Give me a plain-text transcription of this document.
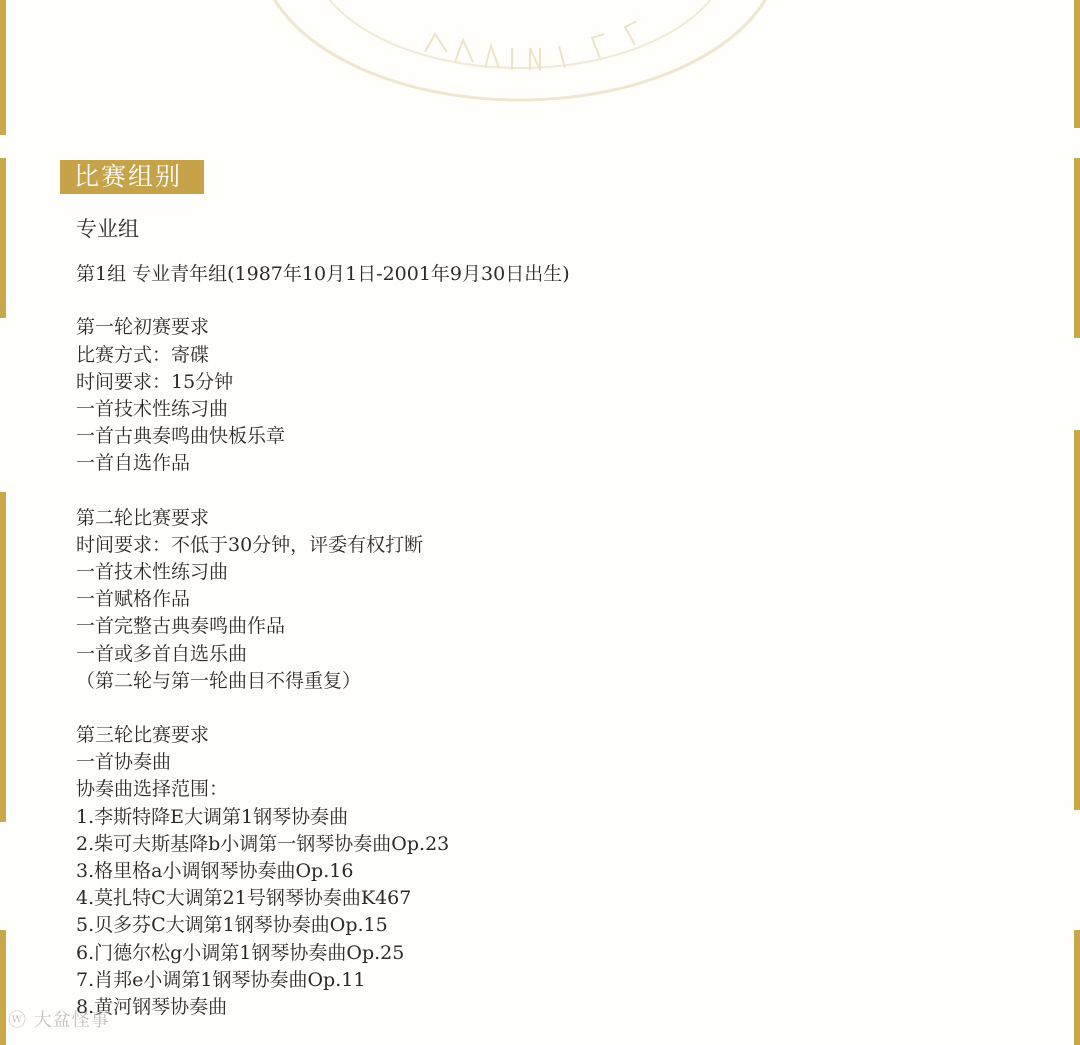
比赛组别
专业组
第1组 专业青年组(1987年10月1日-2001年9月30日出生)
第一轮初赛要求
比赛方式：寄碟
时间要求：15分钟
一首技术性练习曲
一首古典奏鸣曲快板乐章
一首自选作品
第二轮比赛要求
时间要求：不低于30分钟，评委有权打断
一首技术性练习曲
一首赋格作品
一首完整古典奏鸣曲作品
一首或多首自选乐曲
（第二轮与第一轮曲目不得重复）
第三轮比赛要求
一首协奏曲
协奏曲选择范围：
1.李斯特降E大调第1钢琴协奏曲
2.柴可夫斯基降b小调第一钢琴协奏曲Op.23
3.格里格a小调钢琴协奏曲Op.16
4.莫扎特C大调第21号钢琴协奏曲K467
5.贝多芬C大调第1钢琴协奏曲Op.15
6.门德尔松g小调第1钢琴协奏曲Op.25
7.肖邦e小调第1钢琴协奏曲Op.11
8.黄河钢琴协奏曲
ⓦ 大盆怪事
